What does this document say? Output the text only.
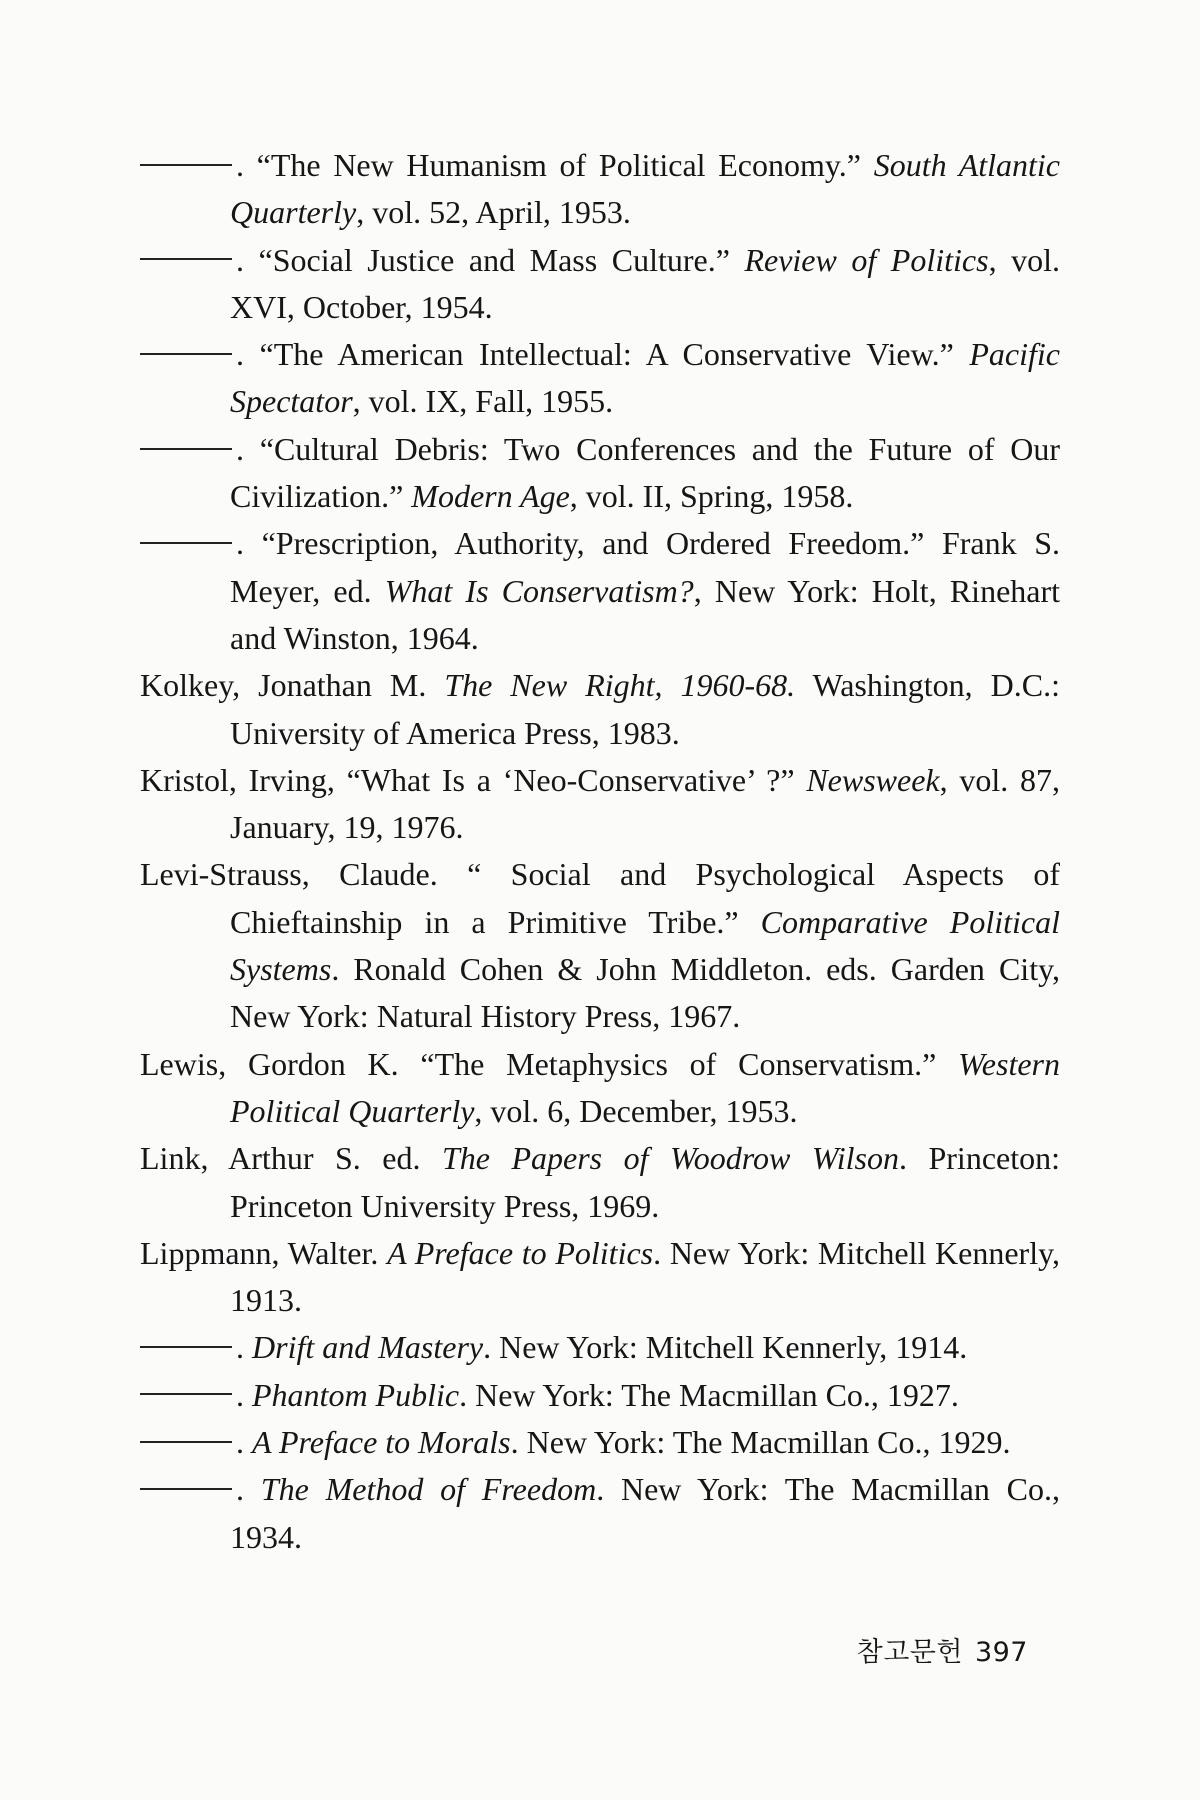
. “The New Humanism of Political Economy.” South Atlantic Quarterly, vol. 52, April, 1953.
. “Social Justice and Mass Culture.” Review of Politics, vol. XVI, October, 1954.
. “The American Intellectual: A Conservative View.” Pacific Spectator, vol. IX, Fall, 1955.
. “Cultural Debris: Two Conferences and the Future of Our Civilization.” Modern Age, vol. II, Spring, 1958.
. “Prescription, Authority, and Ordered Freedom.” Frank S. Meyer, ed. What Is Conservatism?, New York: Holt, Rinehart and Winston, 1964.
Kolkey, Jonathan M. The New Right, 1960-68. Washington, D.C.: University of America Press, 1983.
Kristol, Irving, “What Is a ‘Neo-Conservative’ ?” Newsweek, vol. 87, January, 19, 1976.
Levi-Strauss, Claude. “ Social and Psychological Aspects of Chieftainship in a Primitive Tribe.” Comparative Political Systems. Ronald Cohen & John Middleton. eds. Garden City, New York: Natural History Press, 1967.
Lewis, Gordon K. “The Metaphysics of Conservatism.” Western Political Quarterly, vol. 6, December, 1953.
Link, Arthur S. ed. The Papers of Woodrow Wilson. Princeton: Princeton University Press, 1969.
Lippmann, Walter. A Preface to Politics. New York: Mitchell Kennerly, 1913.
. Drift and Mastery. New York: Mitchell Kennerly, 1914.
. Phantom Public. New York: The Macmillan Co., 1927.
. A Preface to Morals. New York: The Macmillan Co., 1929.
. The Method of Freedom. New York: The Macmillan Co., 1934.
참고문헌 397
